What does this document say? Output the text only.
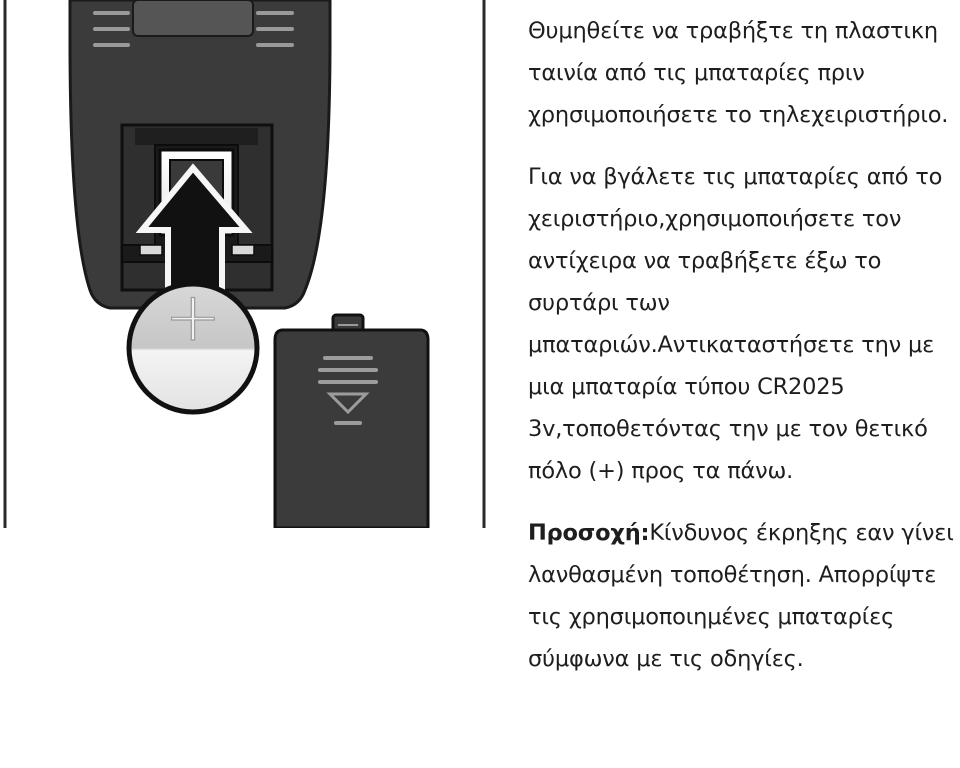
+

Θυμηθείτε να τραβήξτε τη πλαστικη ταινία από τις μπαταρίες πριν χρησιμοποιήσετε το τηλεχειριστήριο.

Για να βγάλετε τις μπαταρίες από το χειριστήριο,χρησιμοποιήσετε τον αντίχειρα να τραβήξετε έξω το συρτάρι των μπαταριών.Αντικαταστήσετε την με μια μπαταρία τύπου CR2025 3v,τοποθετόντας την με τον θετικό πόλο (+) προς τα πάνω.

Προσοχή:Κίνδυνος έκρηξης εαν γίνει λανθασμένη τοποθέτηση. Απορρίψτε τις χρησιμοποιημένες μπαταρίες σύμφωνα με τις οδηγίες.
